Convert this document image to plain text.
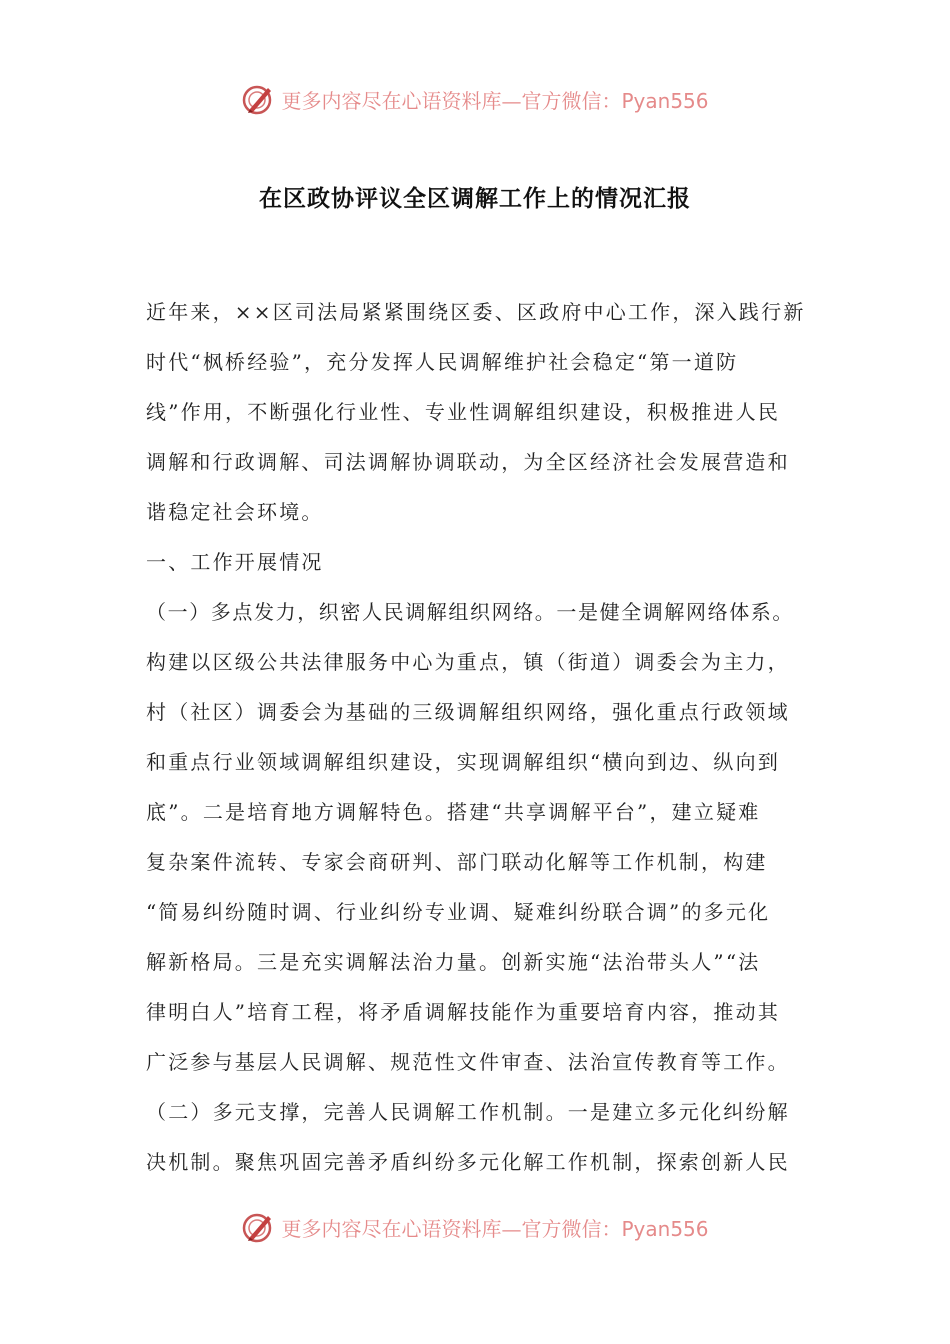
更多内容尽在心语资料库—官方微信：Pyan556
在区政协评议全区调解工作上的情况汇报
近年来，××区司法局紧紧围绕区委、区政府中心工作，深入践行新
时代“枫桥经验”，充分发挥人民调解维护社会稳定“第一道防
线”作用，不断强化行业性、专业性调解组织建设，积极推进人民
调解和行政调解、司法调解协调联动，为全区经济社会发展营造和
谐稳定社会环境。
一、工作开展情况
（一）多点发力，织密人民调解组织网络。一是健全调解网络体系。
构建以区级公共法律服务中心为重点，镇（街道）调委会为主力，
村（社区）调委会为基础的三级调解组织网络，强化重点行政领域
和重点行业领域调解组织建设，实现调解组织“横向到边、纵向到
底”。二是培育地方调解特色。搭建“共享调解平台”，建立疑难
复杂案件流转、专家会商研判、部门联动化解等工作机制，构建
“简易纠纷随时调、行业纠纷专业调、疑难纠纷联合调”的多元化
解新格局。三是充实调解法治力量。创新实施“法治带头人”“法
律明白人”培育工程，将矛盾调解技能作为重要培育内容，推动其
广泛参与基层人民调解、规范性文件审查、法治宣传教育等工作。
（二）多元支撑，完善人民调解工作机制。一是建立多元化纠纷解
决机制。聚焦巩固完善矛盾纠纷多元化解工作机制，探索创新人民
更多内容尽在心语资料库—官方微信：Pyan556
